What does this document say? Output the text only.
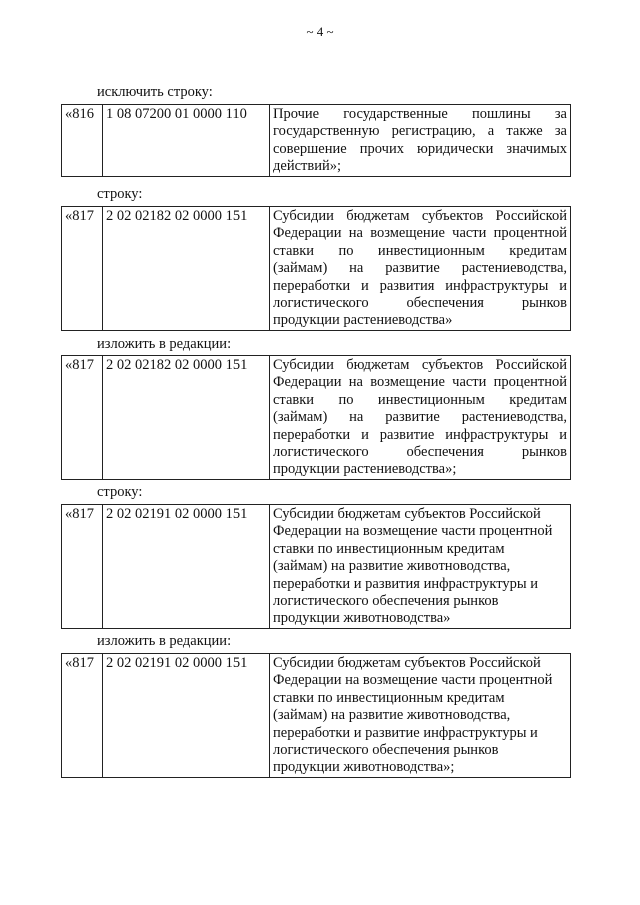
~ 4 ~
исключить строку:
«816	1 08 07200 01 0000 110	Прочие государственные пошлины за
государственную регистрацию, а также за
совершение прочих юридически значимых
действий»;
строку:
«817	2 02 02182 02 0000 151	Субсидии бюджетам субъектов Российской
Федерации на возмещение части процентной
ставки по инвестиционным кредитам
(займам) на развитие растениеводства,
переработки и развития инфраструктуры и
логистического обеспечения рынков
продукции растениеводства»
изложить в редакции:
«817	2 02 02182 02 0000 151	Субсидии бюджетам субъектов Российской
Федерации на возмещение части процентной
ставки по инвестиционным кредитам
(займам) на развитие растениеводства,
переработки и развитие инфраструктуры и
логистического обеспечения рынков
продукции растениеводства»;
строку:
«817	2 02 02191 02 0000 151	Субсидии бюджетам субъектов Российской
Федерации на возмещение части процентной
ставки по инвестиционным кредитам
(займам) на развитие животноводства,
переработки и развития инфраструктуры и
логистического обеспечения рынков
продукции животноводства»
изложить в редакции:
«817	2 02 02191 02 0000 151	Субсидии бюджетам субъектов Российской
Федерации на возмещение части процентной
ставки по инвестиционным кредитам
(займам) на развитие животноводства,
переработки и развитие инфраструктуры и
логистического обеспечения рынков
продукции животноводства»;
